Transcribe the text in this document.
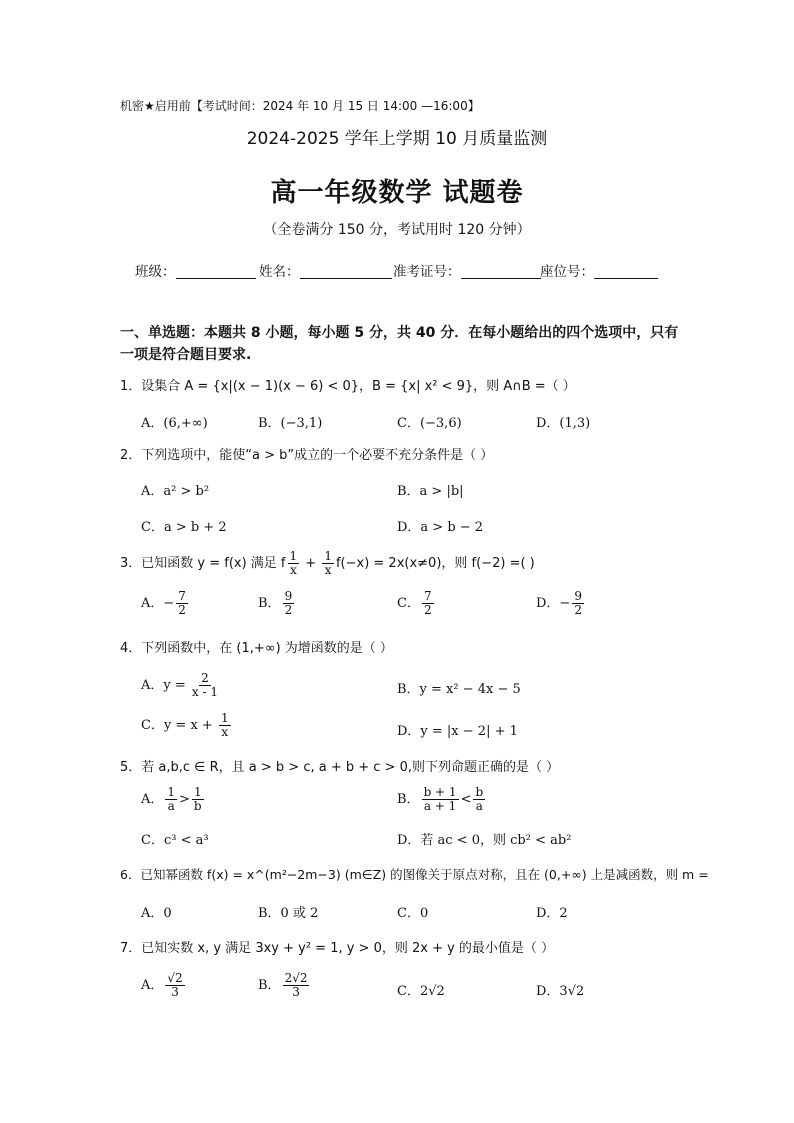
机密★启用前【考试时间：2024 年 10 月 15 日 14:00 —16:00】
2024-2025 学年上学期 10 月质量监测
高一年级数学 试题卷
（全卷满分 150 分，考试用时 120 分钟）
班级：	姓名：	准考证号：	座位号：
一、单选题：本题共 8 小题，每小题 5 分，共 40 分．在每小题给出的四个选项中，只有一项是符合题目要求.
1．设集合 A = {x|(x − 1)(x − 6) < 0}，B = {x| x² < 9}，则 A∩B =（ ）
A．(6,+∞)	B．(−3,1)	C．(−3,6)	D．(1,3)
2．下列选项中，能使“a > b”成立的一个必要不充分条件是（ ）
A．a² > b²	B．a > |b|
C．a > b + 2	D．a > b − 2
3．已知函数 y = f(x) 满足 f $\frac{1}{x} + \frac{1}{x} f(-x) = 2x(x\ne 0)$，则 f(−2) =( )
A．− $\frac{7}{2}$	B． $\frac{9}{2}$	C． $\frac{7}{2}$	D．− $\frac{9}{2}$
4．下列函数中，在 (1,+∞) 为增函数的是（ ）
A．$y = \frac{2}{x - 1}$	B．y = x² − 4x − 5
C．$y = x + \frac{1}{x}$	D．y = |x − 2| + 1
5．若 a,b,c ∈ R，且 a > b > c, a + b + c > 0,则下列命题正确的是（ ）
A． $\frac{1}{a} > \frac{1}{b}$	B． $\frac{b + 1}{a + 1} < \frac{b}{a}$
C．c³ < a³	D．若 ac < 0，则 cb² < ab²
6．已知幂函数 f(x) = x^(m²−2m−3) (m∈Z) 的图像关于原点对称，且在 (0,+∞) 上是减函数，则 m =
A．0	B．0 或 2	C．0	D．2
7．已知实数 x, y 满足 3xy + y² = 1, y > 0，则 2x + y 的最小值是（ ）
A． $\frac{√2}{3}$	B． $\frac{2√2}{3}$	C．2√2	D．3√2
